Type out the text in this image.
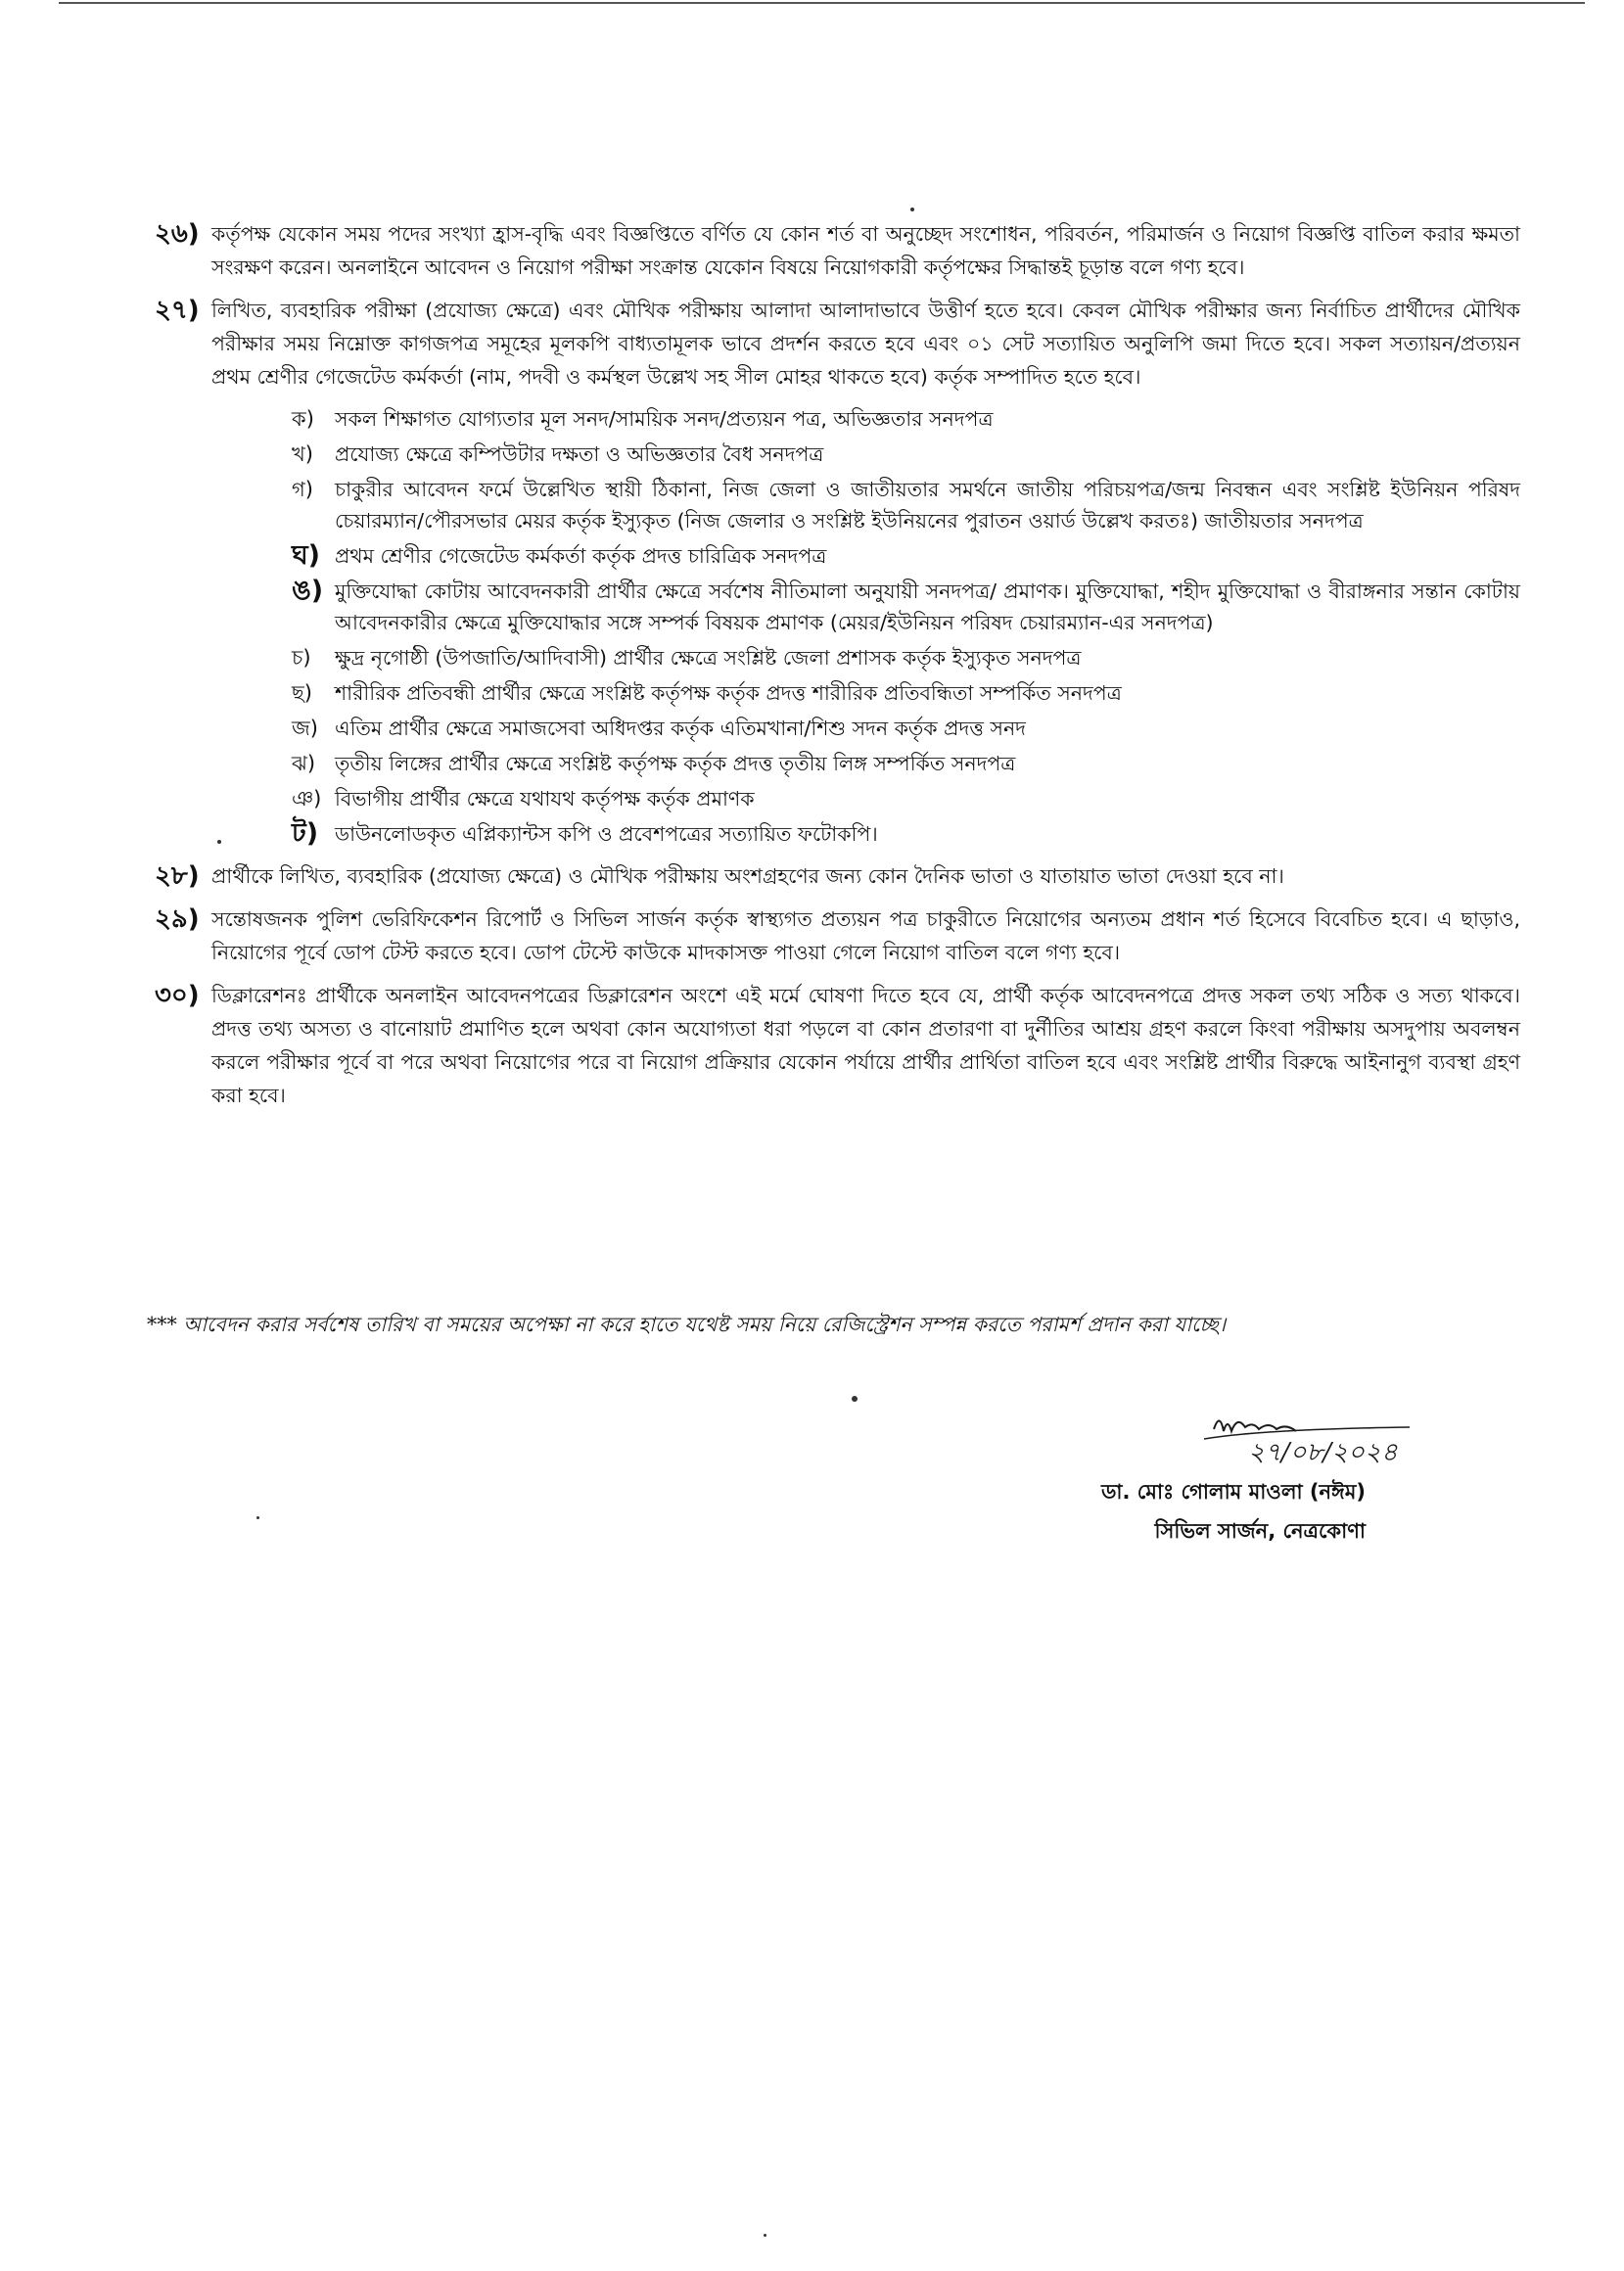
২৬) কর্তৃপক্ষ যেকোন সময় পদের সংখ্যা হ্রাস-বৃদ্ধি এবং বিজ্ঞপ্তিতে বর্ণিত যে কোন শর্ত বা অনুচ্ছেদ সংশোধন, পরিবর্তন, পরিমার্জন ও নিয়োগ বিজ্ঞপ্তি বাতিল করার ক্ষমতা সংরক্ষণ করেন। অনলাইনে আবেদন ও নিয়োগ পরীক্ষা সংক্রান্ত যেকোন বিষয়ে নিয়োগকারী কর্তৃপক্ষের সিদ্ধান্তই চূড়ান্ত বলে গণ্য হবে।
২৭) লিখিত, ব্যবহারিক পরীক্ষা (প্রযোজ্য ক্ষেত্রে) এবং মৌখিক পরীক্ষায় আলাদা আলাদাভাবে উত্তীর্ণ হতে হবে। কেবল মৌখিক পরীক্ষার জন্য নির্বাচিত প্রার্থীদের মৌখিক পরীক্ষার সময় নিম্নোক্ত কাগজপত্র সমূহের মূলকপি বাধ্যতামূলক ভাবে প্রদর্শন করতে হবে এবং ০১ সেট সত্যায়িত অনুলিপি জমা দিতে হবে। সকল সত্যায়ন/প্রত্যয়ন প্রথম শ্রেণীর গেজেটেড কর্মকর্তা (নাম, পদবী ও কর্মস্থল উল্লেখ সহ সীল মোহর থাকতে হবে) কর্তৃক সম্পাদিত হতে হবে।
ক)	সকল শিক্ষাগত যোগ্যতার মূল সনদ/সাময়িক সনদ/প্রত্যয়ন পত্র, অভিজ্ঞতার সনদপত্র
খ)	প্রযোজ্য ক্ষেত্রে কম্পিউটার দক্ষতা ও অভিজ্ঞতার বৈধ সনদপত্র
গ)	চাকুরীর আবেদন ফর্মে উল্লেখিত স্থায়ী ঠিকানা, নিজ জেলা ও জাতীয়তার সমর্থনে জাতীয় পরিচয়পত্র/জন্ম নিবন্ধন এবং সংশ্লিষ্ট ইউনিয়ন পরিষদ চেয়ারম্যান/পৌরসভার মেয়র কর্তৃক ইস্যুকৃত (নিজ জেলার ও সংশ্লিষ্ট ইউনিয়নের পুরাতন ওয়ার্ড উল্লেখ করতঃ) জাতীয়তার সনদপত্র
ঘ) প্রথম শ্রেণীর গেজেটেড কর্মকর্তা কর্তৃক প্রদত্ত চারিত্রিক সনদপত্র
ঙ) মুক্তিযোদ্ধা কোটায় আবেদনকারী প্রার্থীর ক্ষেত্রে সর্বশেষ নীতিমালা অনুযায়ী সনদপত্র/ প্রমাণক। মুক্তিযোদ্ধা, শহীদ মুক্তিযোদ্ধা ও বীরাঙ্গনার সন্তান কোটায় আবেদনকারীর ক্ষেত্রে মুক্তিযোদ্ধার সঙ্গে সম্পর্ক বিষয়ক প্রমাণক (মেয়র/ইউনিয়ন পরিষদ চেয়ারম্যান-এর সনদপত্র)
চ)	ক্ষুদ্র নৃগোষ্ঠী (উপজাতি/আদিবাসী) প্রার্থীর ক্ষেত্রে সংশ্লিষ্ট জেলা প্রশাসক কর্তৃক ইস্যুকৃত সনদপত্র
ছ)	শারীরিক প্রতিবন্ধী প্রার্থীর ক্ষেত্রে সংশ্লিষ্ট কর্তৃপক্ষ কর্তৃক প্রদত্ত শারীরিক প্রতিবন্ধিতা সম্পর্কিত সনদপত্র
জ) এতিম প্রার্থীর ক্ষেত্রে সমাজসেবা অধিদপ্তর কর্তৃক এতিমখানা/শিশু সদন কর্তৃক প্রদত্ত সনদ
ঝ) তৃতীয় লিঙ্গের প্রার্থীর ক্ষেত্রে সংশ্লিষ্ট কর্তৃপক্ষ কর্তৃক প্রদত্ত তৃতীয় লিঙ্গ সম্পর্কিত সনদপত্র
ঞ) বিভাগীয় প্রার্থীর ক্ষেত্রে যথাযথ কর্তৃপক্ষ কর্তৃক প্রমাণক
ট) ডাউনলোডকৃত এপ্লিক্যান্টস কপি ও প্রবেশপত্রের সত্যায়িত ফটোকপি।
২৮) প্রার্থীকে লিখিত, ব্যবহারিক (প্রযোজ্য ক্ষেত্রে) ও মৌখিক পরীক্ষায় অংশগ্রহণের জন্য কোন দৈনিক ভাতা ও যাতায়াত ভাতা দেওয়া হবে না।
২৯) সন্তোষজনক পুলিশ ভেরিফিকেশন রিপোর্ট ও সিভিল সার্জন কর্তৃক স্বাস্থ্যগত প্রত্যয়ন পত্র চাকুরীতে নিয়োগের অন্যতম প্রধান শর্ত হিসেবে বিবেচিত হবে। এ ছাড়াও, নিয়োগের পূর্বে ডোপ টেস্ট করতে হবে। ডোপ টেস্টে কাউকে মাদকাসক্ত পাওয়া গেলে নিয়োগ বাতিল বলে গণ্য হবে।
৩০) ডিক্লারেশনঃ প্রার্থীকে অনলাইন আবেদনপত্রের ডিক্লারেশন অংশে এই মর্মে ঘোষণা দিতে হবে যে, প্রার্থী কর্তৃক আবেদনপত্রে প্রদত্ত সকল তথ্য সঠিক ও সত্য থাকবে। প্রদত্ত তথ্য অসত্য ও বানোয়াট প্রমাণিত হলে অথবা কোন অযোগ্যতা ধরা পড়লে বা কোন প্রতারণা বা দুর্নীতির আশ্রয় গ্রহণ করলে কিংবা পরীক্ষায় অসদুপায় অবলম্বন করলে পরীক্ষার পূর্বে বা পরে অথবা নিয়োগের পরে বা নিয়োগ প্রক্রিয়ার যেকোন পর্যায়ে প্রার্থীর প্রার্থিতা বাতিল হবে এবং সংশ্লিষ্ট প্রার্থীর বিরুদ্ধে আইনানুগ ব্যবস্থা গ্রহণ করা হবে।
*** আবেদন করার সর্বশেষ তারিখ বা সময়ের অপেক্ষা না করে হাতে যথেষ্ট সময় নিয়ে রেজিস্ট্রেশন সম্পন্ন করতে পরামর্শ প্রদান করা যাচ্ছে।
২৭/০৮/২০২৪
ডা. মোঃ গোলাম মাওলা (নঈম)
সিভিল সার্জন, নেত্রকোণা
